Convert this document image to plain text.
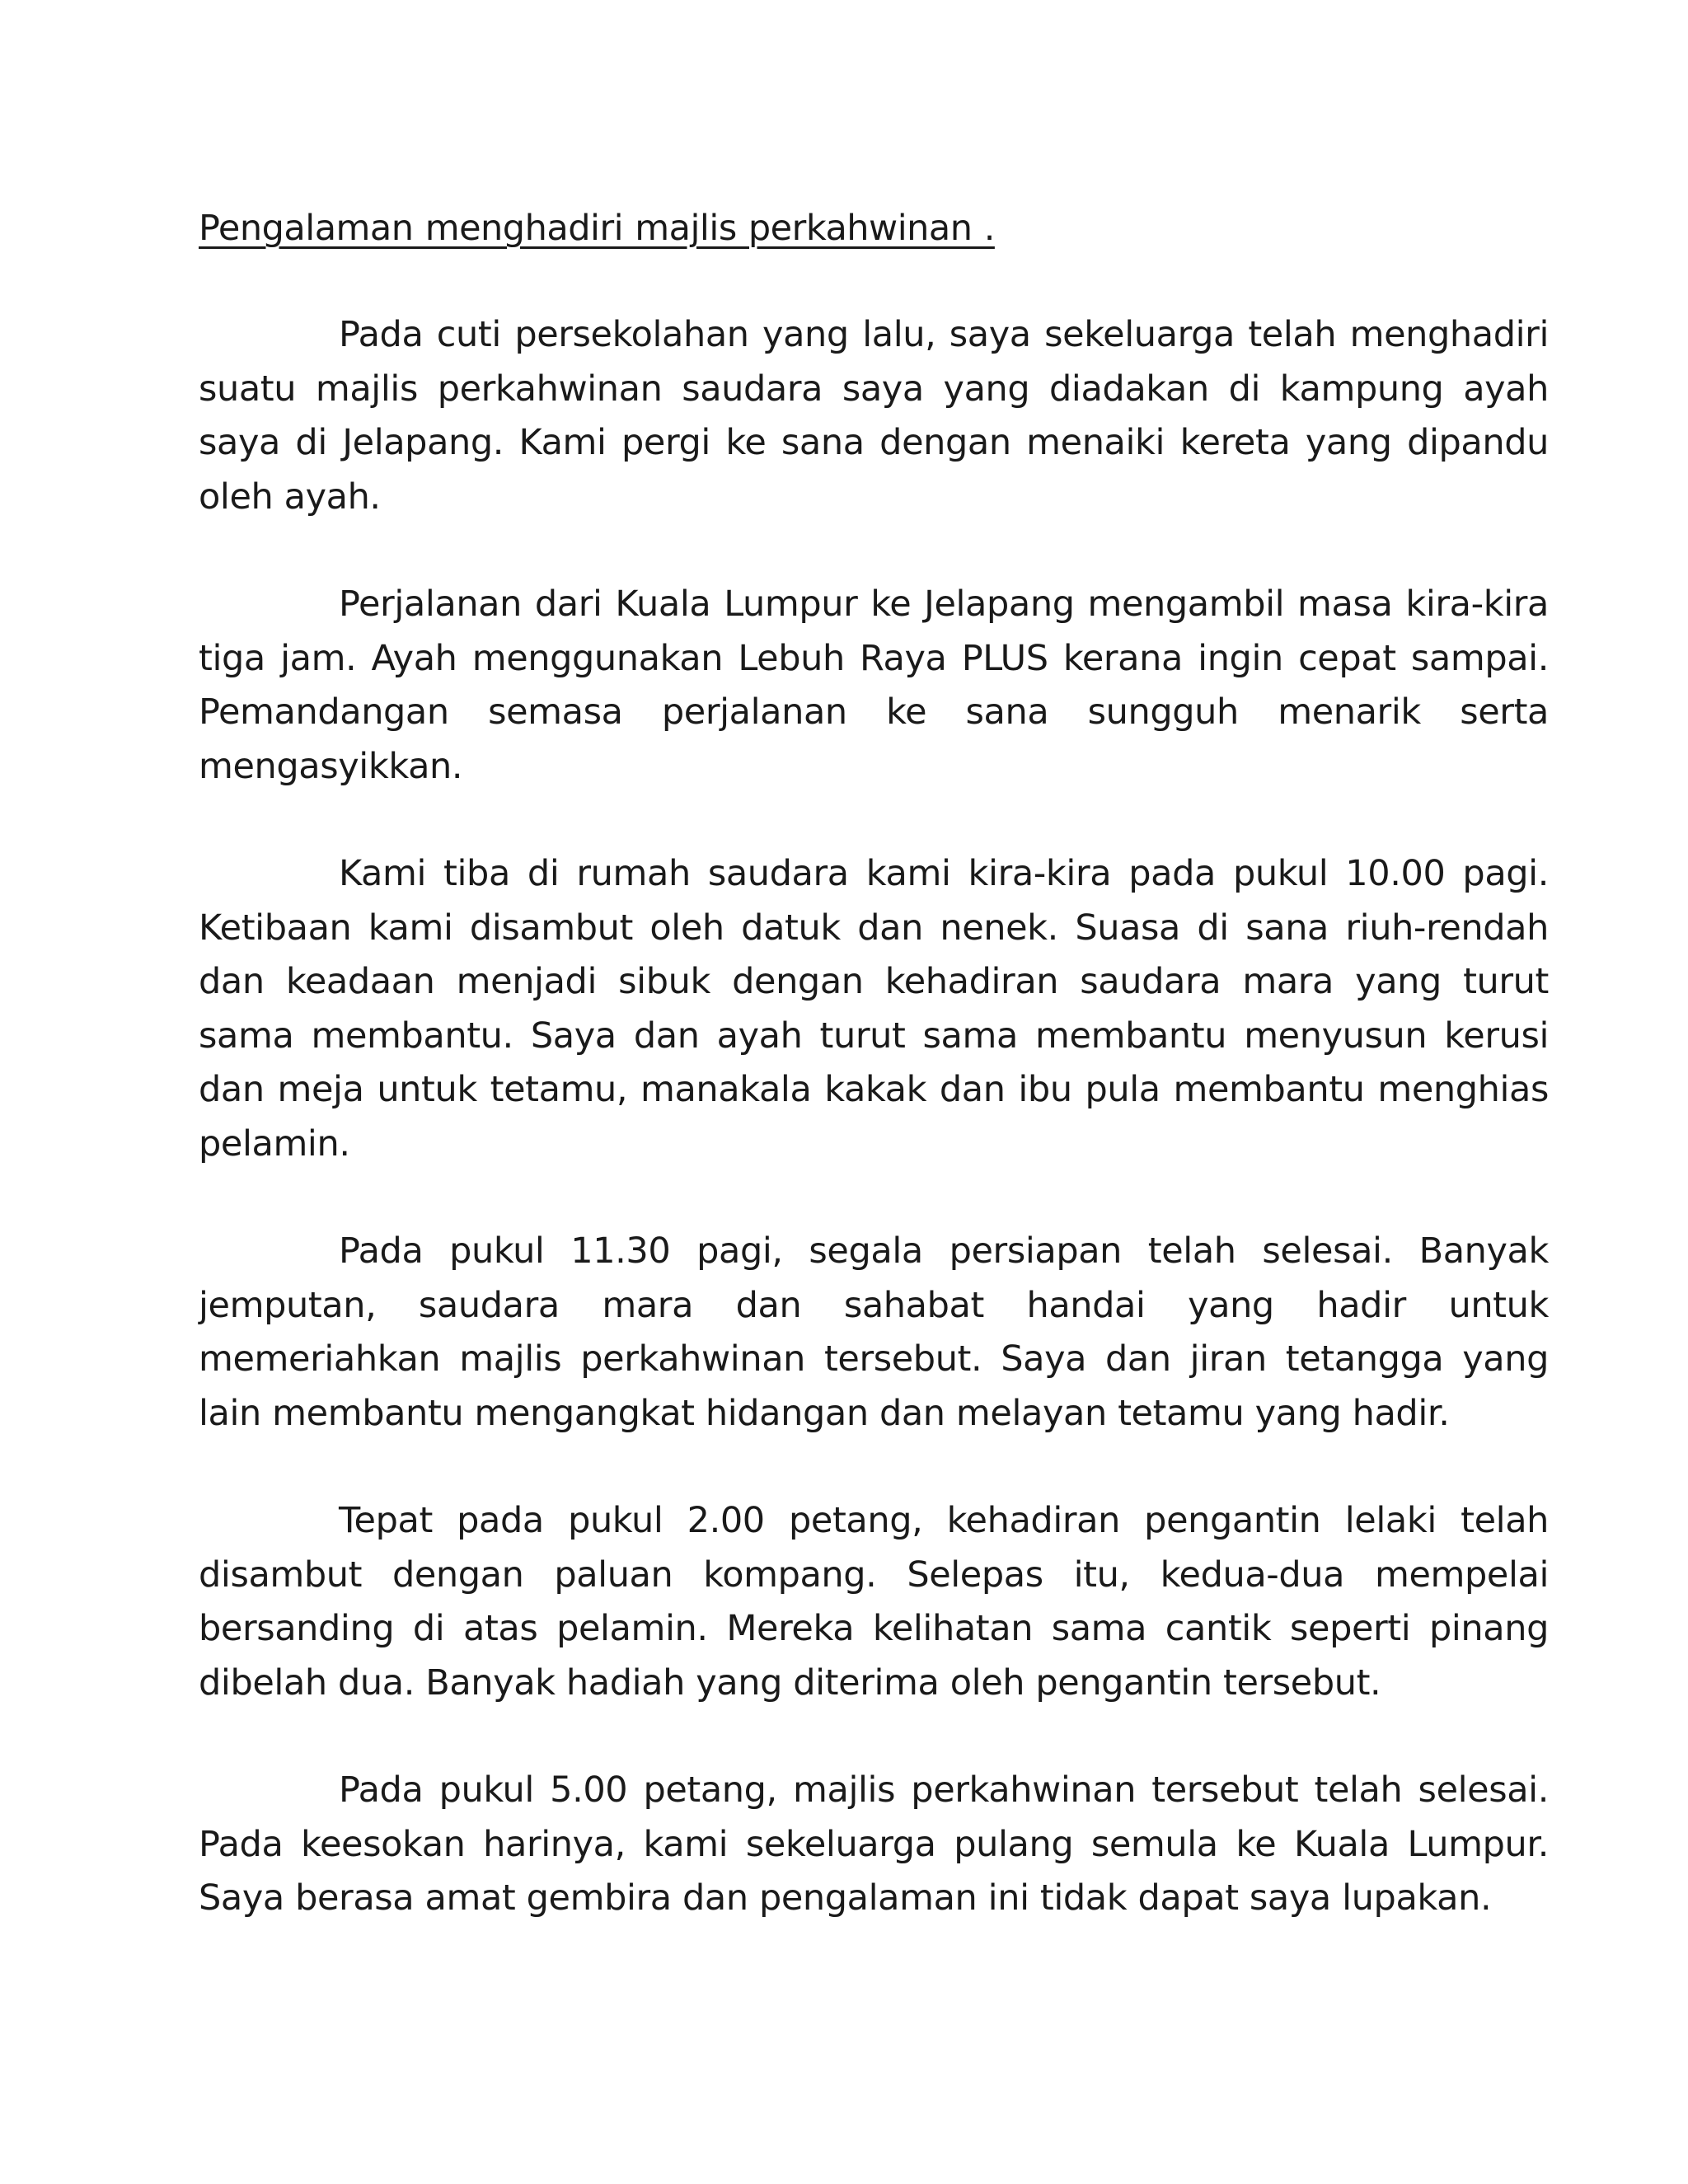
Pengalaman menghadiri majlis perkahwinan .

Pada cuti persekolahan yang lalu, saya sekeluarga telah menghadiri suatu majlis perkahwinan saudara saya yang diadakan di kampung ayah saya di Jelapang. Kami pergi ke sana dengan menaiki kereta yang dipandu oleh ayah.

Perjalanan dari Kuala Lumpur ke Jelapang mengambil masa kira-kira tiga jam. Ayah menggunakan Lebuh Raya PLUS kerana ingin cepat sampai. Pemandangan semasa perjalanan ke sana sungguh menarik serta mengasyikkan.

Kami tiba di rumah saudara kami kira-kira pada pukul 10.00 pagi. Ketibaan kami disambut oleh datuk dan nenek. Suasa di sana riuh-rendah dan keadaan menjadi sibuk dengan kehadiran saudara mara yang turut sama membantu. Saya dan ayah turut sama membantu menyusun kerusi dan meja untuk tetamu, manakala kakak dan ibu pula membantu menghias pelamin.

Pada pukul 11.30 pagi, segala persiapan telah selesai. Banyak jemputan, saudara mara dan sahabat handai yang hadir untuk memeriahkan majlis perkahwinan tersebut. Saya dan jiran tetangga yang lain membantu mengangkat hidangan dan melayan tetamu yang hadir.

Tepat pada pukul 2.00 petang, kehadiran pengantin lelaki telah disambut dengan paluan kompang. Selepas itu, kedua-dua mempelai bersanding di atas pelamin. Mereka kelihatan sama cantik seperti pinang dibelah dua. Banyak hadiah yang diterima oleh pengantin tersebut.

Pada pukul 5.00 petang, majlis perkahwinan tersebut telah selesai. Pada keesokan harinya, kami sekeluarga pulang semula ke Kuala Lumpur. Saya berasa amat gembira dan pengalaman ini tidak dapat saya lupakan.
